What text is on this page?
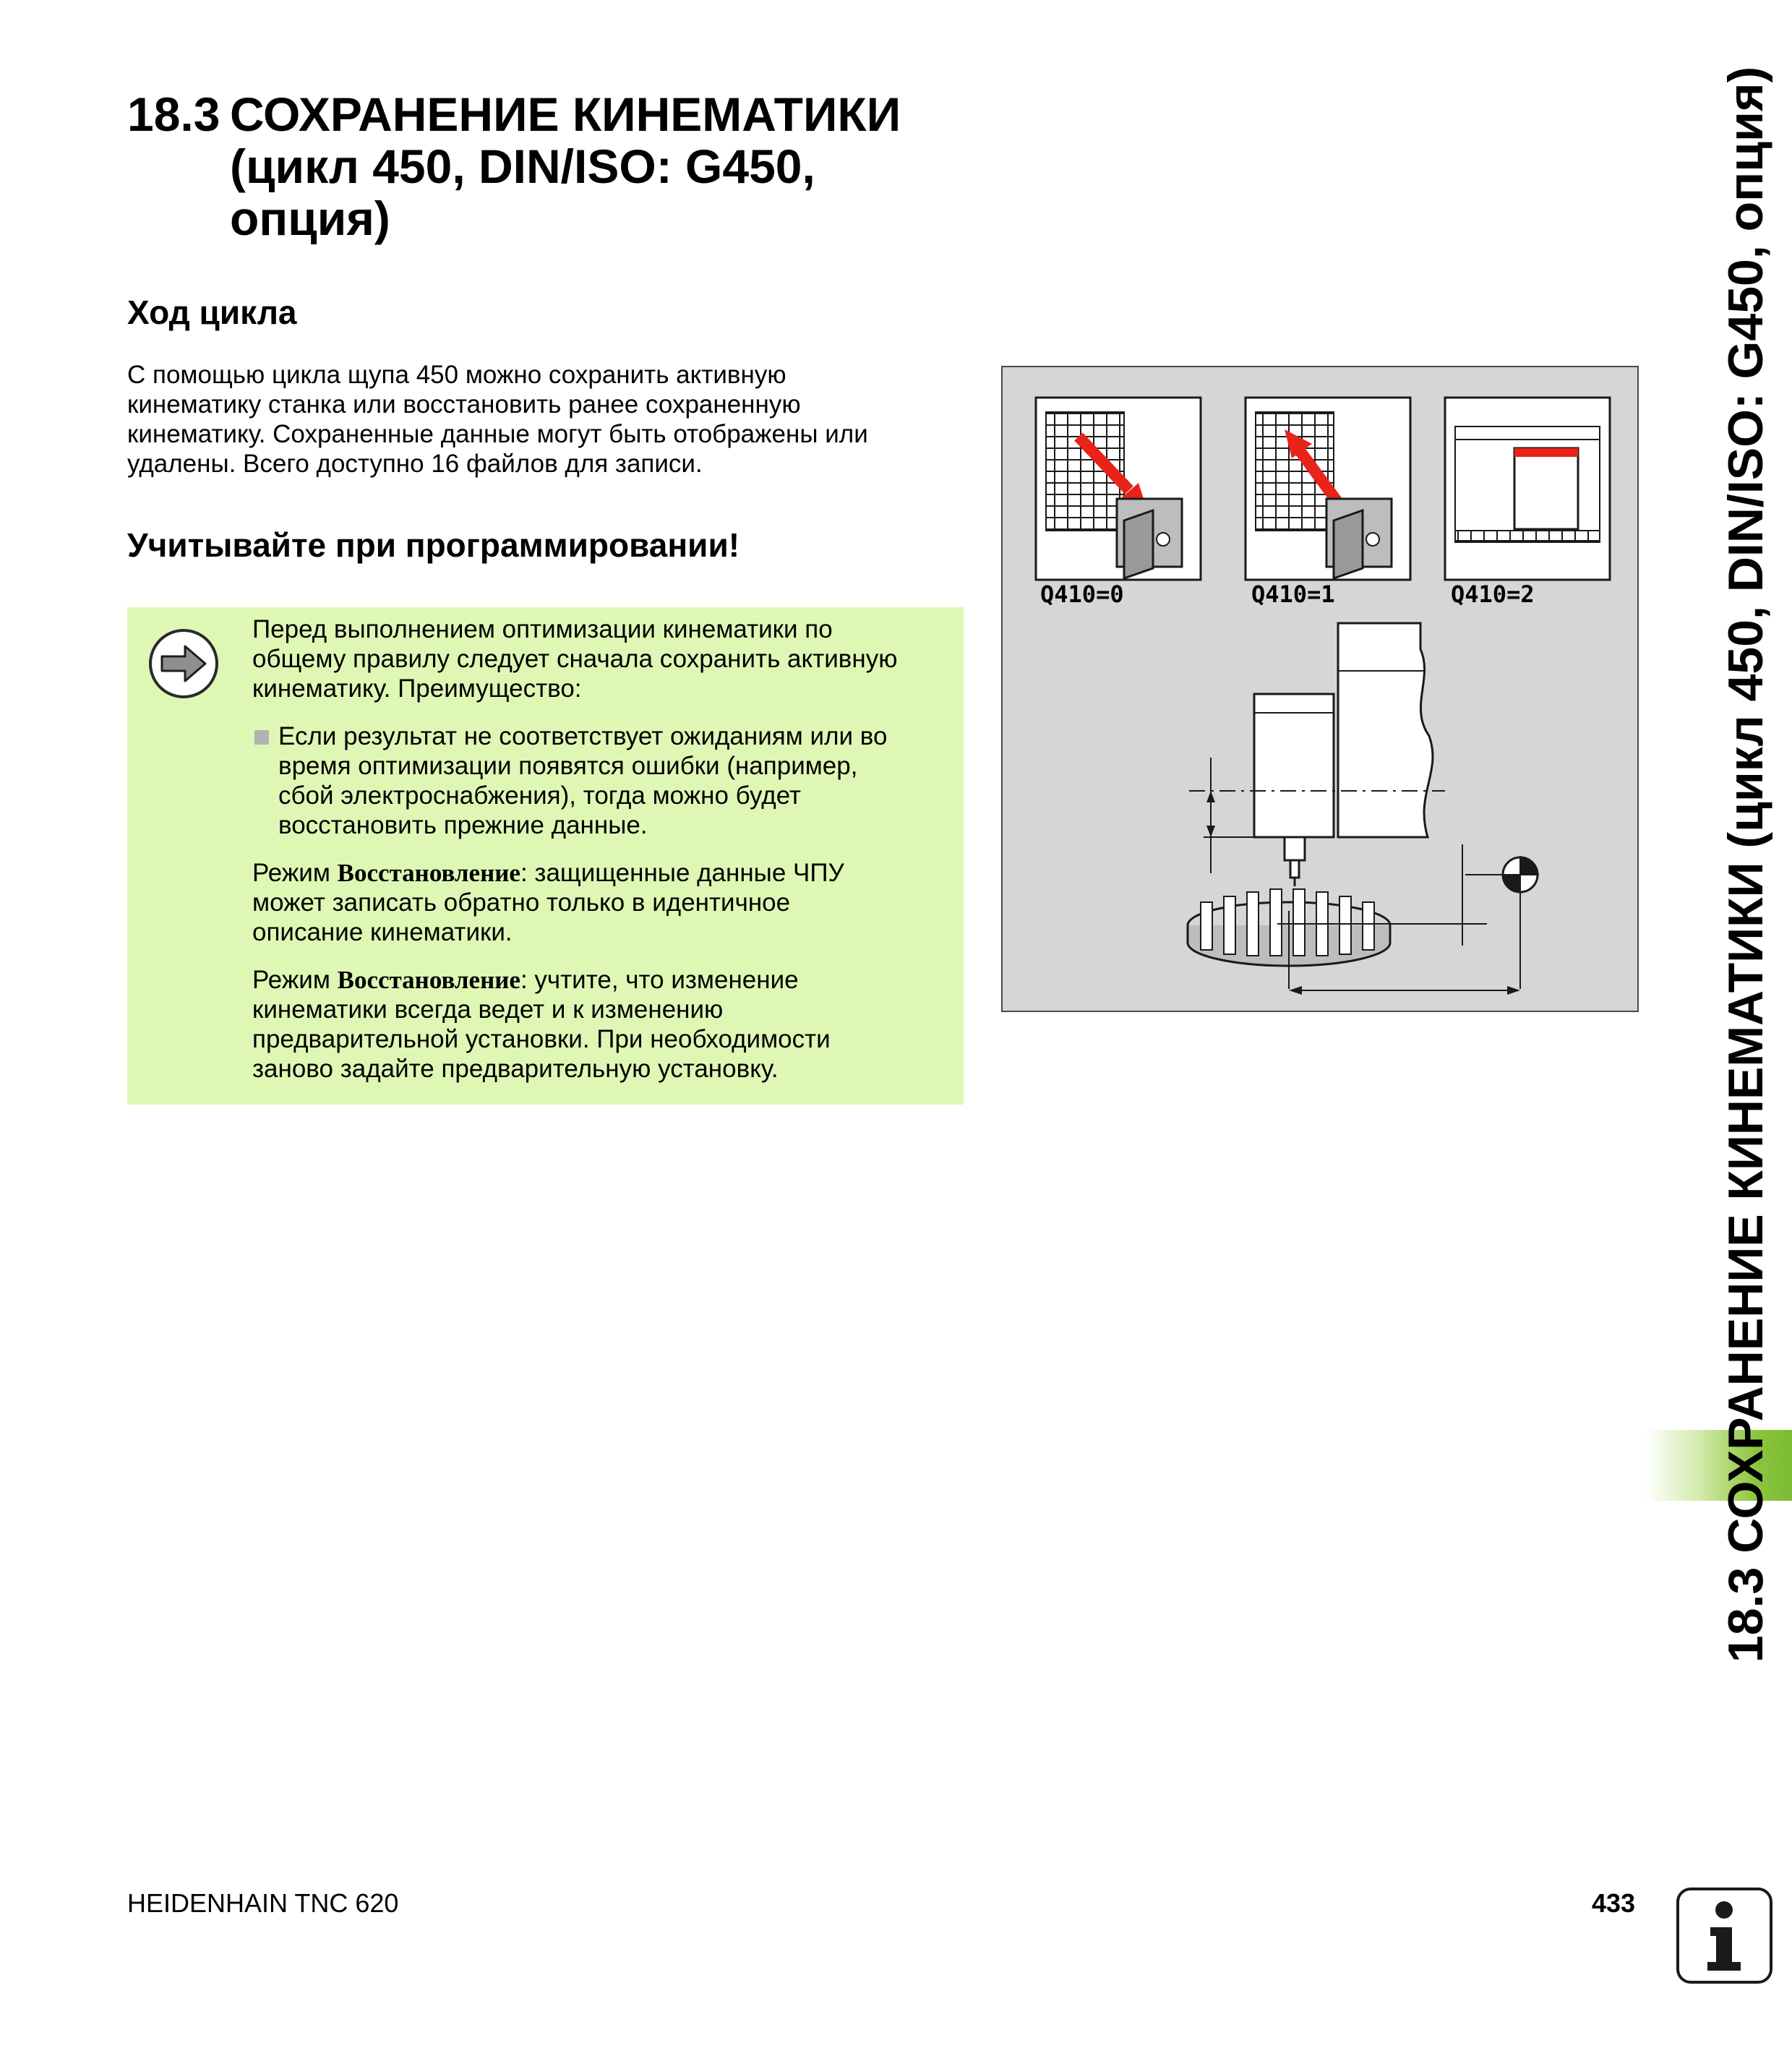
18.3 СОХРАНЕНИЕ КИНЕМАТИКИ
(цикл 450, DIN/ISO: G450,
опция)
Ход цикла
С помощью цикла щупа 450 можно сохранить активную
кинематику станка или восстановить ранее сохраненную
кинематику. Сохраненные данные могут быть отображены или
удалены. Всего доступно 16 файлов для записи.
Учитывайте при программировании!

Перед выполнением оптимизации кинематики по
общему правилу следует сначала сохранить активную
кинематику. Преимущество:

Если результат не соответствует ожиданиям или во
время оптимизации появятся ошибки (например,
сбой электроснабжения), тогда можно будет
восстановить прежние данные.

Режим Восстановление: защищенные данные ЧПУ
может записать обратно только в идентичное
описание кинематики.

Режим Восстановление: учтите, что изменение
кинематики всегда ведет и к изменению
предварительной установки. При необходимости
заново задайте предварительную установку.

Q410=0	Q410=1	Q410=2	18.3 СОХРАНЕНИЕ КИНЕМАТИКИ (цикл 450, DIN/ISO: G450, опция)
HEIDENHAIN TNC 620	433
